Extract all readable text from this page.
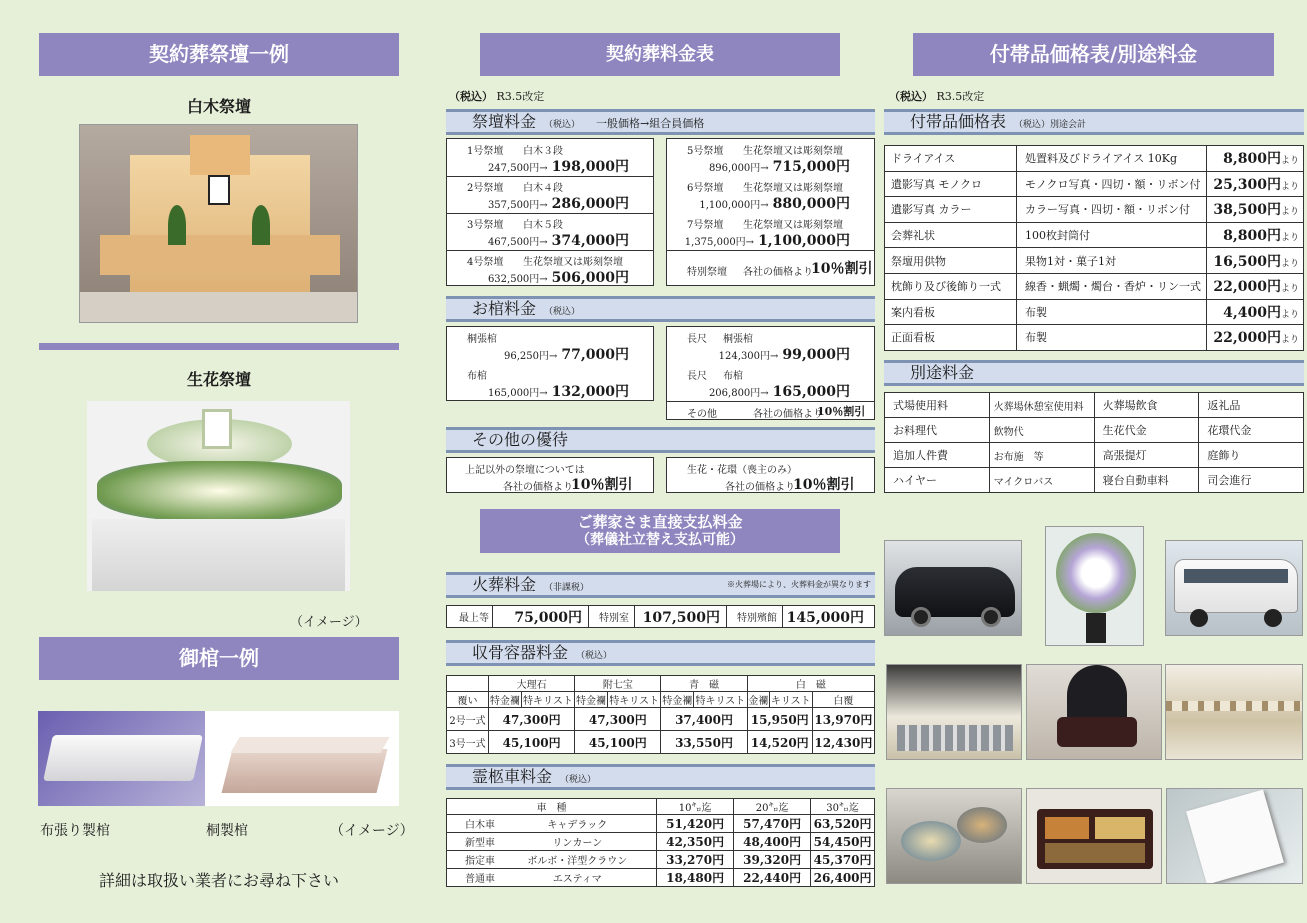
契約葬祭壇一例
白木祭壇
生花祭壇
（イメージ）
御棺一例
布張り製棺	桐製棺	（イメージ）
詳細は取扱い業者にお尋ね下さい
契約葬料金表
（税込） R3.5改定
祭壇料金 （税込） 一般価格→組合員価格
1号祭壇 白木３段
247,500円→ 198,000円
2号祭壇 白木４段
357,500円→ 286,000円
3号祭壇 白木５段
467,500円→ 374,000円
4号祭壇 生花祭壇又は彫刻祭壇
632,500円→ 506,000円
5号祭壇 生花祭壇又は彫刻祭壇
896,000円→ 715,000円
6号祭壇 生花祭壇又は彫刻祭壇
1,100,000円→ 880,000円
7号祭壇 生花祭壇又は彫刻祭壇
1,375,000円→ 1,100,000円
特別祭壇 各社の価格より
10％割引
お棺料金 （税込）
桐張棺
96,250円→ 77,000円
布棺
165,000円→ 132,000円
長尺 桐張棺
124,300円→ 99,000円
長尺 布棺
206,800円→ 165,000円
その他	各社の価格より
10％割引
その他の優待
上記以外の祭壇については
各社の価格より
10％割引
生花・花環（喪主のみ）
各社の価格より
10％割引
ご葬家さま直接支払料金
（葬儀社立替え支払可能）
火葬料金 （非課税）	※火葬場により、火葬料金が異なります
最上等	75,000円	特別室	107,500円	特別殯館	145,000円
収骨容器料金 （税込）
	大理石		附七宝		青　磁		白　磁		
覆い	特金襴	特キリスト	特金襴	特キリスト	特金襴	特キリスト	金襴	キリスト	白覆
2号一式	47,300円		47,300円		37,400円		15,950円		13,970円
3号一式	45,100円		45,100円		33,550円		14,520円		12,430円
霊柩車料金 （税込）
車　種		10㌔迄	20㌔迄	30㌔迄
白木車	キャデラック	51,420円	57,470円	63,520円
新型車	リンカーン	42,350円	48,400円	54,450円
指定車	ボルボ・洋型クラウン	33,270円	39,320円	45,370円
普通車	エスティマ	18,480円	22,440円	26,400円
付帯品価格表/別途料金
（税込） R3.5改定
付帯品価格表 （税込）別途会計
ドライアイス	処置料及びドライアイス 10Kg	8,800円より
遺影写真 モノクロ	モノクロ写真・四切・額・リボン付	25,300円より
遺影写真 カラー	カラー写真・四切・額・リボン付	38,500円より
会葬礼状	100枚封筒付	8,800円より
祭壇用供物	果物1対・菓子1対	16,500円より
枕飾り及び後飾り一式	線香・蝋燭・燭台・香炉・リン一式	22,000円より
案内看板	布製	4,400円より
正面看板	布製	22,000円より
別途料金
式場使用料	火葬場休憩室使用料	火葬場飲食	返礼品
お料理代	飲物代	生花代金	花環代金
追加人件費	お布施　等	高張提灯	庭飾り
ハイヤー	マイクロバス	寝台自動車料	司会進行
